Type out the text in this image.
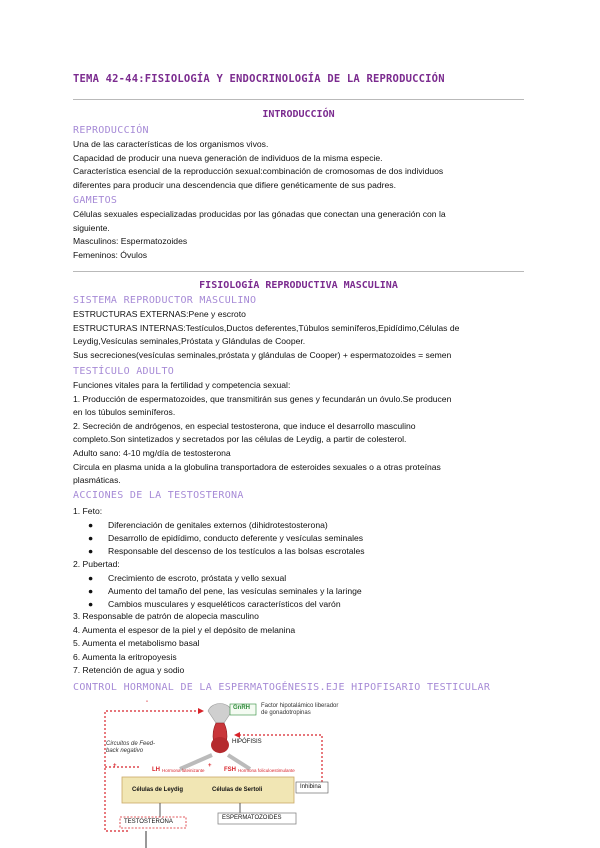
TEMA 42-44:FISIOLOGÍA Y ENDOCRINOLOGÍA DE LA REPRODUCCIÓN
INTRODUCCIÓN
REPRODUCCIÓN
Una de las características de los organismos vivos.
Capacidad de producir una nueva generación de individuos de la misma especie.
Característica esencial de la reproducción sexual:combinación de cromosomas de dos individuos
diferentes para producir una descendencia que difiere genéticamente de sus padres.
GAMETOS
Células sexuales especializadas producidas por las gónadas que conectan una generación con la
siguiente.
Masculinos: Espermatozoides
Femeninos: Óvulos
FISIOLOGÍA REPRODUCTIVA MASCULINA
SISTEMA REPRODUCTOR MASCULINO
ESTRUCTURAS EXTERNAS:Pene y escroto
ESTRUCTURAS INTERNAS:Testículos,Ductos deferentes,Túbulos seminíferos,Epidídimo,Células de
Leydig,Vesículas seminales,Próstata y Glándulas de Cooper.
Sus secreciones(vesículas seminales,próstata y glándulas de Cooper) + espermatozoides = semen
TESTÍCULO ADULTO
Funciones vitales para la fertilidad y competencia sexual:
1. Producción de espermatozoides, que transmitirán sus genes y fecundarán un óvulo.Se producen
en los túbulos seminíferos.
2. Secreción de andrógenos, en especial testosterona, que induce el desarrollo masculino
completo.Son sintetizados y secretados por las células de Leydig, a partir de colesterol.
Adulto sano: 4-10 mg/día de testosterona
Circula en plasma unida a la globulina transportadora de esteroides sexuales o a otras proteínas
plasmáticas.
ACCIONES DE LA TESTOSTERONA
1. Feto:
● Diferenciación de genitales externos (dihidrotestosterona)
● Desarrollo de epidídimo, conducto deferente y vesículas seminales
● Responsable del descenso de los testículos a las bolsas escrotales
2. Pubertad:
● Crecimiento de escroto, próstata y vello sexual
● Aumento del tamaño del pene, las vesículas seminales y la laringe
● Cambios musculares y esqueléticos característicos del varón
3. Responsable de patrón de alopecia masculino
4. Aumenta el espesor de la piel y el depósito de melanina
5. Aumenta el metabolismo basal
6. Aumenta la eritropoyesis
7. Retención de agua y sodio
CONTROL HORMONAL DE LA ESPERMATOGÉNESIS.EJE HIPOFISARIO TESTICULAR
GnRH Factor hipotalámico liberador de gonadotropinas
Circuitos de Feed-back negativo
HIPÓFISIS
LH Hormona luteinizante	FSH Hormona foliculoestimulante
Células de Leydig	Células de Sertoli	Inhibina
TESTOSTERONA
ESPERMATOZOIDES
+	+
-
